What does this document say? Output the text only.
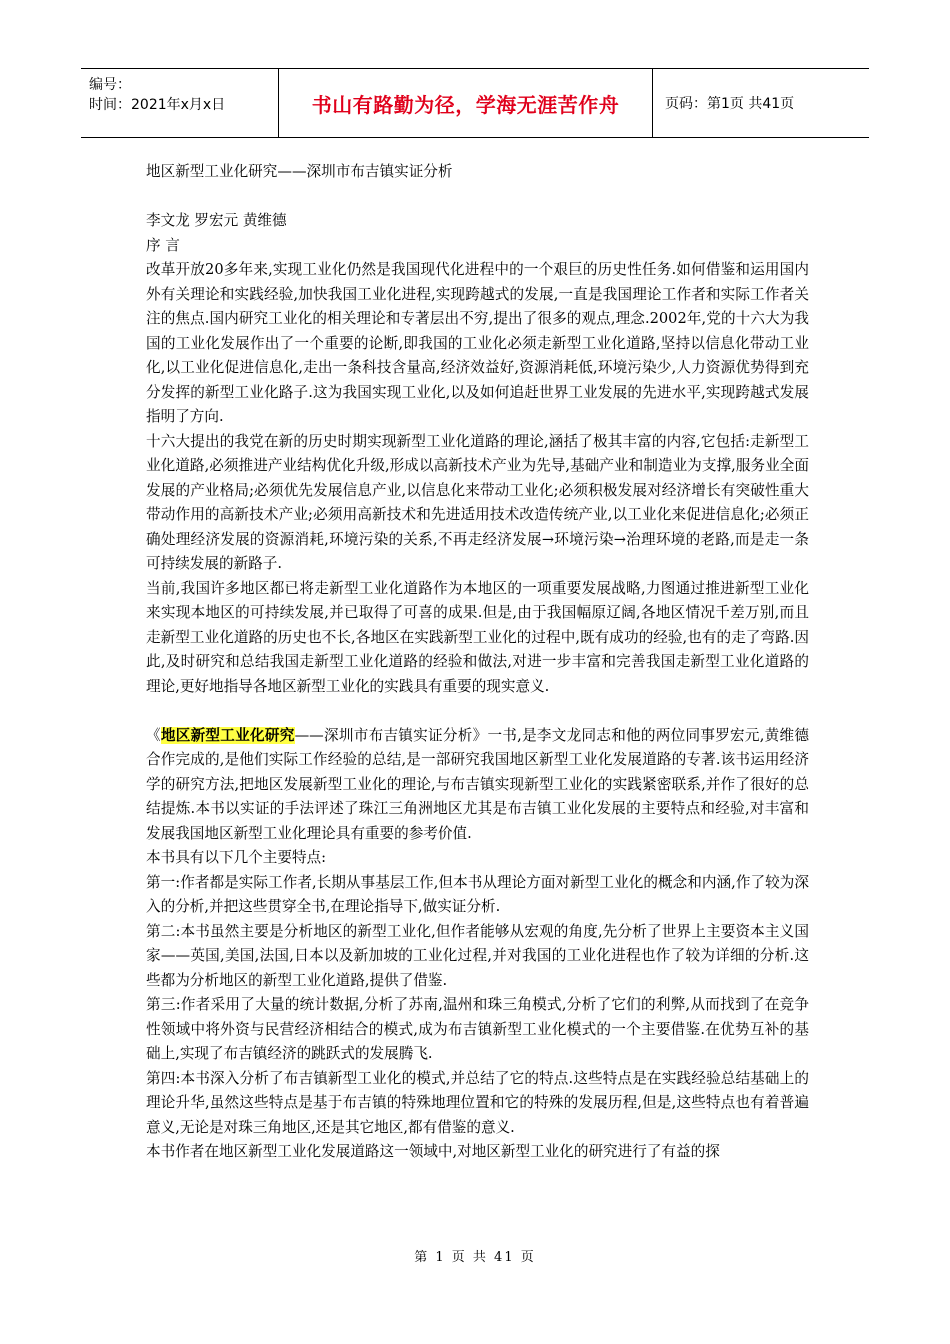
编号：
时间：2021年x月x日	书山有路勤为径，学海无涯苦作舟	页码：第1页 共41页

地区新型工业化研究——深圳市布吉镇实证分析

李文龙 罗宏元 黄维德

序 言

改革开放20多年来,实现工业化仍然是我国现代化进程中的一个艰巨的历史性任务.如何借鉴和运用国内外有关理论和实践经验,加快我国工业化进程,实现跨越式的发展,一直是我国理论工作者和实际工作者关注的焦点.国内研究工业化的相关理论和专著层出不穷,提出了很多的观点,理念.2002年,党的十六大为我国的工业化发展作出了一个重要的论断,即我国的工业化必须走新型工业化道路,坚持以信息化带动工业化,以工业化促进信息化,走出一条科技含量高,经济效益好,资源消耗低,环境污染少,人力资源优势得到充分发挥的新型工业化路子.这为我国实现工业化,以及如何追赶世界工业发展的先进水平,实现跨越式发展指明了方向.

十六大提出的我党在新的历史时期实现新型工业化道路的理论,涵括了极其丰富的内容,它包括:走新型工业化道路,必须推进产业结构优化升级,形成以高新技术产业为先导,基础产业和制造业为支撑,服务业全面发展的产业格局;必须优先发展信息产业,以信息化来带动工业化;必须积极发展对经济增长有突破性重大带动作用的高新技术产业;必须用高新技术和先进适用技术改造传统产业,以工业化来促进信息化;必须正确处理经济发展的资源消耗,环境污染的关系,不再走经济发展→环境污染→治理环境的老路,而是走一条可持续发展的新路子.

当前,我国许多地区都已将走新型工业化道路作为本地区的一项重要发展战略,力图通过推进新型工业化来实现本地区的可持续发展,并已取得了可喜的成果.但是,由于我国幅原辽阔,各地区情况千差万别,而且走新型工业化道路的历史也不长,各地区在实践新型工业化的过程中,既有成功的经验,也有的走了弯路.因此,及时研究和总结我国走新型工业化道路的经验和做法,对进一步丰富和完善我国走新型工业化道路的理论,更好地指导各地区新型工业化的实践具有重要的现实意义.

《地区新型工业化研究——深圳市布吉镇实证分析》一书,是李文龙同志和他的两位同事罗宏元,黄维德合作完成的,是他们实际工作经验的总结,是一部研究我国地区新型工业化发展道路的专著.该书运用经济学的研究方法,把地区发展新型工业化的理论,与布吉镇实现新型工业化的实践紧密联系,并作了很好的总结提炼.本书以实证的手法评述了珠江三角洲地区尤其是布吉镇工业化发展的主要特点和经验,对丰富和发展我国地区新型工业化理论具有重要的参考价值.

本书具有以下几个主要特点:

第一:作者都是实际工作者,长期从事基层工作,但本书从理论方面对新型工业化的概念和内涵,作了较为深入的分析,并把这些贯穿全书,在理论指导下,做实证分析.

第二:本书虽然主要是分析地区的新型工业化,但作者能够从宏观的角度,先分析了世界上主要资本主义国家——英国,美国,法国,日本以及新加坡的工业化过程,并对我国的工业化进程也作了较为详细的分析.这些都为分析地区的新型工业化道路,提供了借鉴.

第三:作者采用了大量的统计数据,分析了苏南,温州和珠三角模式,分析了它们的利弊,从而找到了在竞争性领域中将外资与民营经济相结合的模式,成为布吉镇新型工业化模式的一个主要借鉴.在优势互补的基础上,实现了布吉镇经济的跳跃式的发展腾飞.

第四:本书深入分析了布吉镇新型工业化的模式,并总结了它的特点.这些特点是在实践经验总结基础上的理论升华,虽然这些特点是基于布吉镇的特殊地理位置和它的特殊的发展历程,但是,这些特点也有着普遍意义,无论是对珠三角地区,还是其它地区,都有借鉴的意义.

本书作者在地区新型工业化发展道路这一领域中,对地区新型工业化的研究进行了有益的探

第 1 页 共 41 页
